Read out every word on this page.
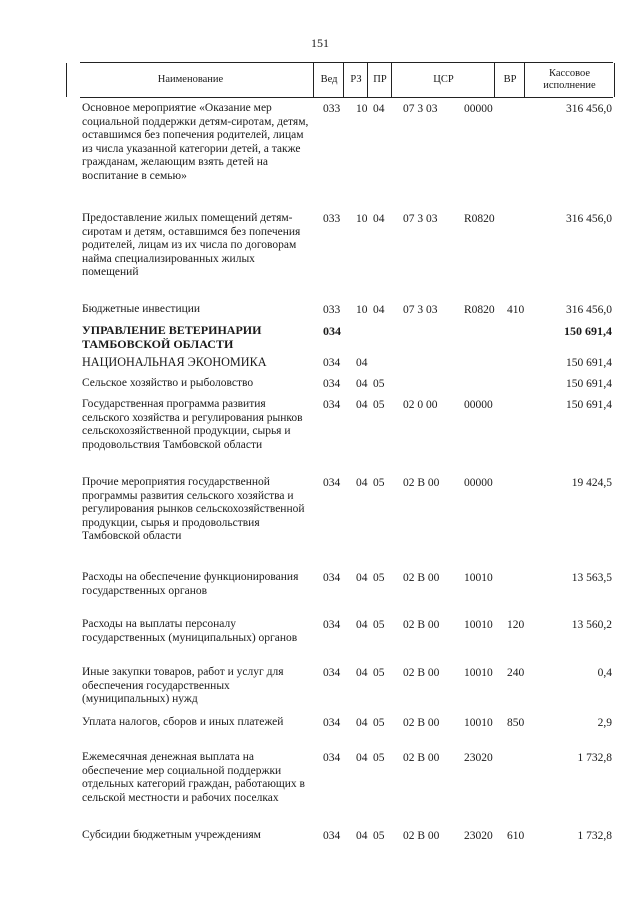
151
Наименование	Вед	РЗ	ПР	ЦСР	ВР
Кассовое исполнение
Основное мероприятие «Оказание мер социальной поддержки детям-сиротам, детям, оставшимся без попечения родителей, лицам из числа указанной категории детей, а также гражданам, желающим взять детей на воспитание в семью»
033	10 04	07 3 03	00000	316 456,0
Предоставление жилых помещений детям-сиротам и детям, оставшимся без попечения родителей, лицам из их числа по договорам найма специализированных жилых помещений
033	10 04	07 3 03	R0820	316 456,0
Бюджетные инвестиции	033	10 04	07 3 03	R0820	410	316 456,0
УПРАВЛЕНИЕ ВЕТЕРИНАРИИ ТАМБОВСКОЙ ОБЛАСТИ
034	150 691,4
НАЦИОНАЛЬНАЯ ЭКОНОМИКА	034	04	150 691,4
Сельское хозяйство и рыболовство	034	04 05	150 691,4
Государственная программа развития сельского хозяйства и регулирования рынков сельскохозяйственной продукции, сырья и продовольствия Тамбовской области
034	04 05	02 0 00	00000	150 691,4
Прочие мероприятия государственной программы развития сельского хозяйства и регулирования рынков сельскохозяйственной продукции, сырья и продовольствия Тамбовской области
034	04 05	02 В 00	00000	19 424,5
Расходы на обеспечение функционирования государственных органов
034	04 05	02 В 00	10010	13 563,5
Расходы на выплаты персоналу государственных (муниципальных) органов
034	04 05	02 В 00	10010	120	13 560,2
Иные закупки товаров, работ и услуг для обеспечения государственных (муниципальных) нужд
034	04 05	02 В 00	10010	240	0,4
Уплата налогов, сборов и иных платежей	034	04 05	02 В 00	10010	850	2,9
Ежемесячная денежная выплата на обеспечение мер социальной поддержки отдельных категорий граждан, работающих в сельской местности и рабочих поселках
034	04 05	02 В 00	23020	1 732,8
Субсидии бюджетным учреждениям	034	04 05	02 В 00	23020	610	1 732,8
